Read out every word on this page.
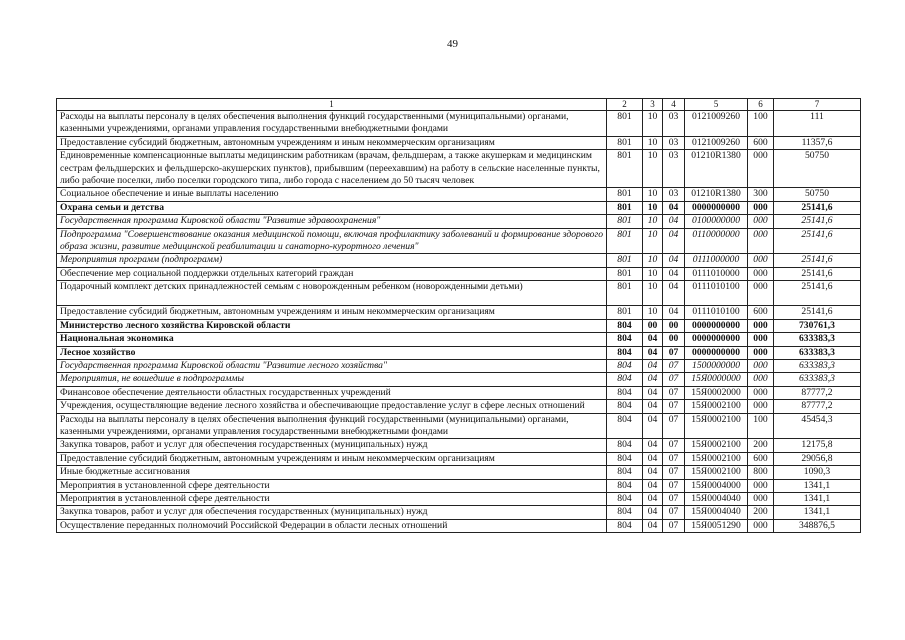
49
1	2	3	4	5	6	7
Расходы на выплаты персоналу в целях обеспечения выполнения функций государственными (муниципальными) органами, казенными учреждениями, органами управления государственными внебюджетными фондами	801	10	03	0121009260	100	111
Предоставление субсидий бюджетным, автономным учреждениям и иным некоммерческим организациям	801	10	03	0121009260	600	11357,6
Единовременные компенсационные выплаты медицинским работникам (врачам, фельдшерам, а также акушеркам и медицинским сестрам фельдшерских и фельдшерско-акушерских пунктов), прибывшим (переехавшим) на работу в сельские населенные пункты, либо рабочие поселки, либо поселки городского типа, либо города с населением до 50 тысяч человек	801	10	03	01210R1380	000	50750
Социальное обеспечение и иные выплаты населению	801	10	03	01210R1380	300	50750
Охрана семьи и детства	801	10	04	0000000000	000	25141,6
Государственная программа Кировской области "Развитие здравоохранения"	801	10	04	0100000000	000	25141,6
Подпрограмма "Совершенствование оказания медицинской помощи, включая профилактику заболеваний и формирование здорового образа жизни, развитие медицинской реабилитации и санаторно-курортного лечения"	801	10	04	0110000000	000	25141,6
Мероприятия программ (подпрограмм)	801	10	04	0111000000	000	25141,6
Обеспечение мер социальной поддержки отдельных категорий граждан	801	10	04	0111010000	000	25141,6
Подарочный комплект детских принадлежностей семьям с новорожденным ребенком (новорожденными детьми)	801	10	04	0111010100	000	25141,6
Предоставление субсидий бюджетным, автономным учреждениям и иным некоммерческим организациям	801	10	04	0111010100	600	25141,6
Министерство лесного хозяйства Кировской области	804	00	00	0000000000	000	730761,3
Национальная экономика	804	04	00	0000000000	000	633383,3
Лесное хозяйство	804	04	07	0000000000	000	633383,3
Государственная программа Кировской области "Развитие лесного хозяйства"	804	04	07	1500000000	000	633383,3
Мероприятия, не вошедшие в подпрограммы	804	04	07	15Я0000000	000	633383,3
Финансовое обеспечение деятельности областных государственных учреждений	804	04	07	15Я0002000	000	87777,2
Учреждения, осуществляющие ведение лесного хозяйства и обеспечивающие предоставление услуг в сфере лесных отношений	804	04	07	15Я0002100	000	87777,2
Расходы на выплаты персоналу в целях обеспечения выполнения функций государственными (муниципальными) органами, казенными учреждениями, органами управления государственными внебюджетными фондами	804	04	07	15Я0002100	100	45454,3
Закупка товаров, работ и услуг для обеспечения государственных (муниципальных) нужд	804	04	07	15Я0002100	200	12175,8
Предоставление субсидий бюджетным, автономным учреждениям и иным некоммерческим организациям	804	04	07	15Я0002100	600	29056,8
Иные бюджетные ассигнования	804	04	07	15Я0002100	800	1090,3
Мероприятия в установленной сфере деятельности	804	04	07	15Я0004000	000	1341,1
Мероприятия в установленной сфере деятельности	804	04	07	15Я0004040	000	1341,1
Закупка товаров, работ и услуг для обеспечения государственных (муниципальных) нужд	804	04	07	15Я0004040	200	1341,1
Осуществление переданных полномочий Российской Федерации в области лесных отношений	804	04	07	15Я0051290	000	348876,5
